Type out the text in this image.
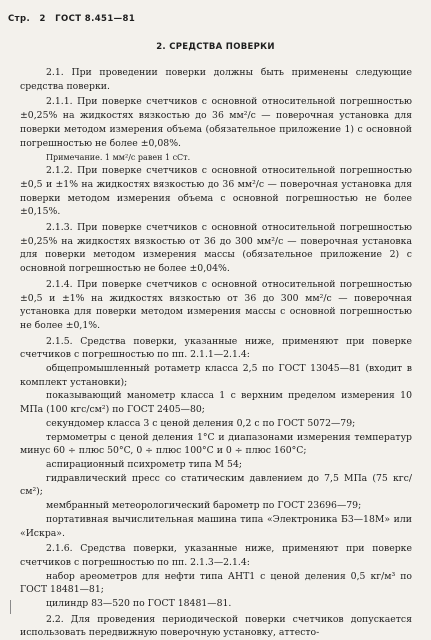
Стр. 2 ГОСТ 8.451—81
2. СРЕДСТВА ПОВЕРКИ

2.1. При проведении поверки должны быть применены следующие средства поверки.

2.1.1. При поверке счетчиков с основной относительной погрешностью ±0,25% на жидкостях вязкостью до 36 мм²/с — поверочная установка для поверки методом измерения объема (обязательное приложение 1) с основной погрешностью не более ±0,08%.

Примечание. 1 мм²/с равен 1 сСт.

2.1.2. При поверке счетчиков с основной относительной погрешностью ±0,5 и ±1% на жидкостях вязкостью до 36 мм²/с — поверочная установка для поверки методом измерения объема с основной погрешностью не более ±0,15%.

2.1.3. При поверке счетчиков с основной относительной погрешностью ±0,25% на жидкостях вязкостью от 36 до 300 мм²/с — поверочная установка для поверки методом измерения массы (обязательное приложение 2) с основной погрешностью не более ±0,04%.

2.1.4. При поверке счетчиков с основной относительной погрешностью ±0,5 и ±1% на жидкостях вязкостью от 36 до 300 мм²/с — поверочная установка для поверки методом измерения массы с основной погрешностью не более ±0,1%.

2.1.5. Средства поверки, указанные ниже, применяют при поверке счетчиков с погрешностью по пп. 2.1.1—2.1.4:

общепромышленный ротаметр класса 2,5 по ГОСТ 13045—81 (входит в комплект установки);

показывающий манометр класса 1 с верхним пределом измерения 10 МПа (100 кгс/см²) по ГОСТ 2405—80;

секундомер класса 3 с ценой деления 0,2 с по ГОСТ 5072—79;

термометры с ценой деления 1°C и диапазонами измерения температур минус 60 ÷ плюс 50°C, 0 ÷ плюс 100°C и 0 ÷ плюс 160°C;

аспирационный психрометр типа М 54;

гидравлический пресс со статическим давлением до 7,5 МПа (75 кгс/см²);

мембранный метеорологический барометр по ГОСТ 23696—79;

портативная вычислительная машина типа «Электроника Б3—18М» или «Искра».

2.1.6. Средства поверки, указанные ниже, применяют при поверке счетчиков с погрешностью по пп. 2.1.3—2.1.4:

набор ареометров для нефти типа АНТ1 с ценой деления 0,5 кг/м³ по ГОСТ 18481—81;

цилиндр 83—520 по ГОСТ 18481—81.

2.2. Для проведения периодической поверки счетчиков допускается использовать передвижную поверочную установку, аттесто-
